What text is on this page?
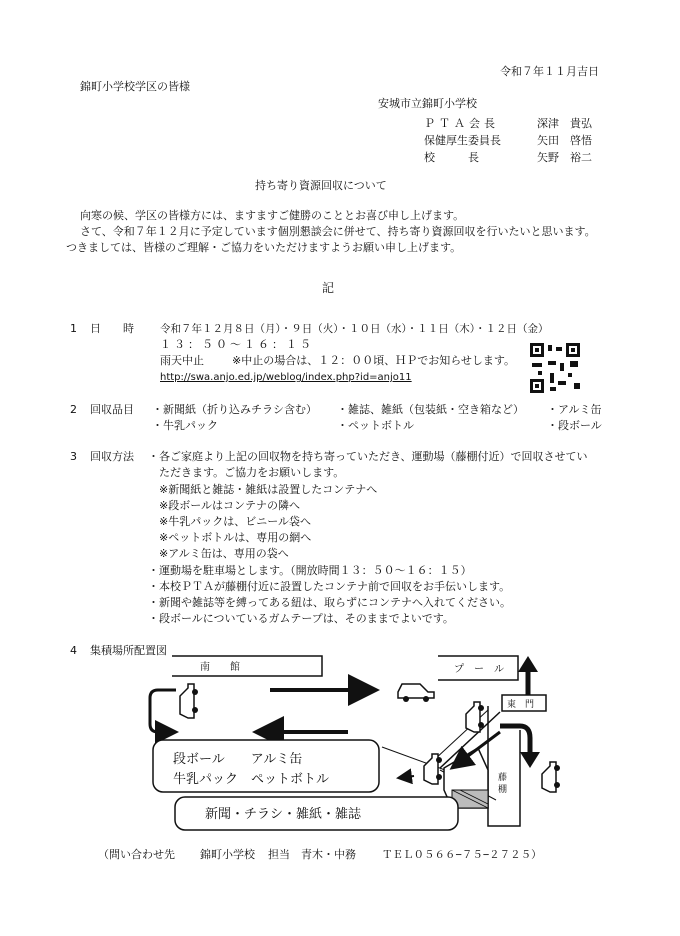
令和７年１１月吉日
錦町小学校学区の皆様
安城市立錦町小学校
ＰＴＡ会長	深津　貴弘
保健厚生委員長	矢田　啓悟
校　　　長	矢野　裕二
持ち寄り資源回収について
向寒の候、学区の皆様方には、ますますご健勝のこととお喜び申し上げます。
さて、令和７年１２月に予定しています個別懇談会に併せて、持ち寄り資源回収を行いたいと思います。
つきましては、皆様のご理解・ご協力をいただけますようお願い申し上げます。
記
1 日　　時 令和７年１２月８日（月）・９日（火）・１０日（水）・１１日（木）・１２日（金）
１３：５０〜１６：１５
雨天中止	※中止の場合は、１２：００頃、ＨＰでお知らせします。
http://swa.anjo.ed.jp/weblog/index.php?id=anjo11
2 回収品目 ・新聞紙（折り込みチラシ含む） ・雑誌、雑紙（包装紙・空き箱など） ・アルミ缶
・牛乳パック	・ペットボトル	・段ボール
3 回収方法 ・各ご家庭より上記の回収物を持ち寄っていただき、運動場（藤棚付近）で回収させてい
　ただきます。ご協力をお願いします。
　※新聞紙と雑誌・雑紙は設置したコンテナへ
　※段ボールはコンテナの隣へ
　※牛乳パックは、ビニール袋へ
　※ペットボトルは、専用の網へ
　※アルミ缶は、専用の袋へ
・運動場を駐車場とします。（開放時間１３：５０〜１６：１５）
・本校ＰＴＡが藤棚付近に設置したコンテナ前で回収をお手伝いします。
・新聞や雑誌等を縛ってある紐は、取らずにコンテナへ入れてください。
・段ボールについているガムテープは、そのままでよいです。
4 集積場所配置図
南　　館	プ　ー　ル
東　門
藤
棚
段ボール　　アルミ缶
牛乳パック　ペットボトル
新聞・チラシ・雑紙・雑誌
（問い合わせ先 錦町小学校 担当　青木・中務 ＴＥＬ０５６６−７５−２７２５）
